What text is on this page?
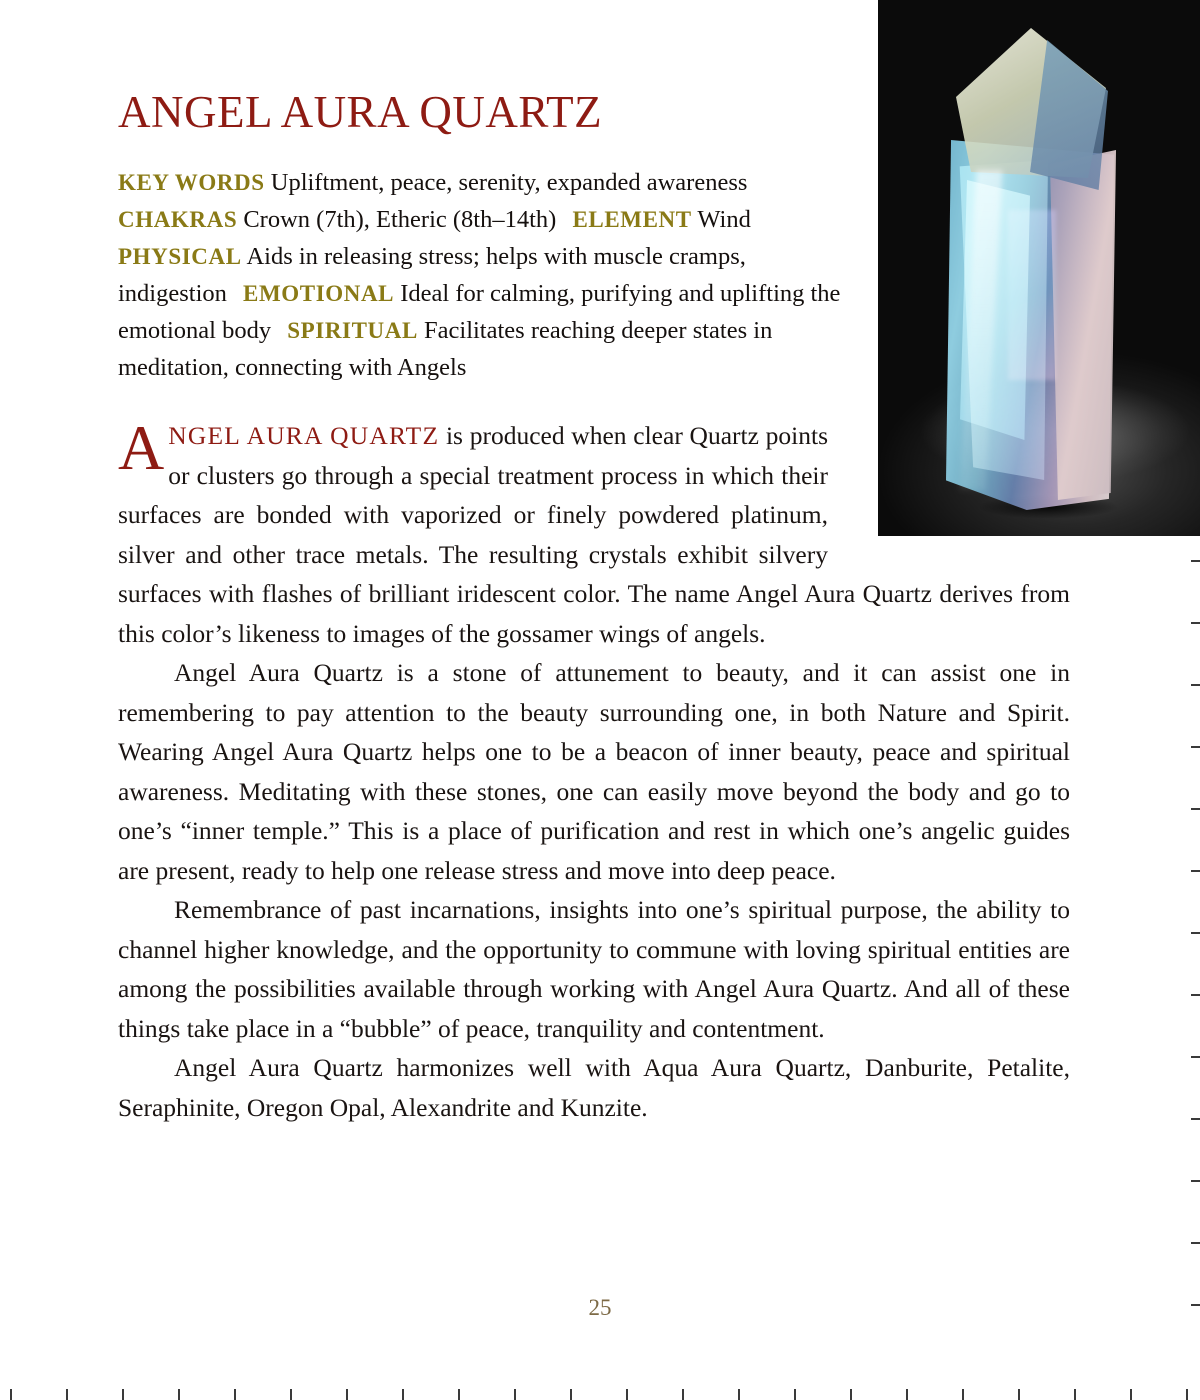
ANGEL AURA QUARTZ
KEY WORDS Upliftment, peace, serenity, expanded awareness
CHAKRAS Crown (7th), Etheric (8th–14th) ELEMENT Wind
PHYSICAL Aids in releasing stress; helps with muscle cramps, indigestion EMOTIONAL Ideal for calming, purifying and uplifting the emotional body SPIRITUAL Facilitates reaching deeper states in meditation, connecting with Angels

ANGEL AURA QUARTZ is produced when clear Quartz points or clusters go through a special treatment process in which their surfaces are bonded with vaporized or finely powdered platinum, silver and other trace metals. The resulting crystals exhibit silvery surfaces with flashes of brilliant iridescent color. The name Angel Aura Quartz derives from this color’s likeness to images of the gossamer wings of angels.

Angel Aura Quartz is a stone of attunement to beauty, and it can assist one in remembering to pay attention to the beauty surrounding one, in both Nature and Spirit. Wearing Angel Aura Quartz helps one to be a beacon of inner beauty, peace and spiritual awareness. Meditating with these stones, one can easily move beyond the body and go to one’s “inner temple.” This is a place of purification and rest in which one’s angelic guides are present, ready to help one release stress and move into deep peace.

Remembrance of past incarnations, insights into one’s spiritual purpose, the ability to channel higher knowledge, and the opportunity to commune with loving spiritual entities are among the possibilities available through working with Angel Aura Quartz. And all of these things take place in a “bubble” of peace, tranquility and contentment.

Angel Aura Quartz harmonizes well with Aqua Aura Quartz, Danburite, Petalite, Seraphinite, Oregon Opal, Alexandrite and Kunzite.

25
